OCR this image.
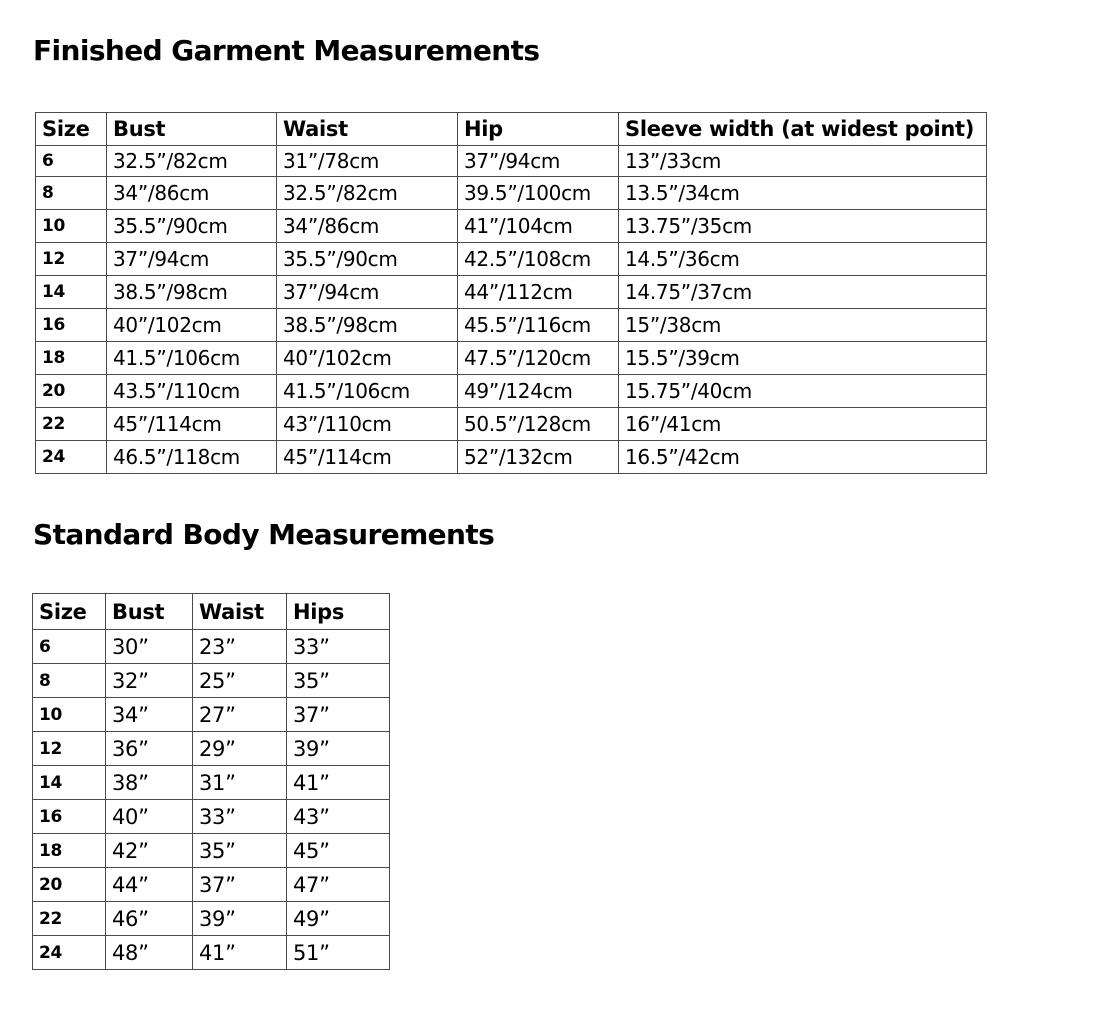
Finished Garment Measurements
Size	Bust	Waist	Hip	Sleeve width (at widest point)
6	32.5”/82cm	31”/78cm	37”/94cm	13”/33cm
8	34”/86cm	32.5”/82cm	39.5”/100cm	13.5”/34cm
10	35.5”/90cm	34”/86cm	41”/104cm	13.75”/35cm
12	37”/94cm	35.5”/90cm	42.5”/108cm	14.5”/36cm
14	38.5”/98cm	37”/94cm	44”/112cm	14.75”/37cm
16	40”/102cm	38.5”/98cm	45.5”/116cm	15”/38cm
18	41.5”/106cm	40”/102cm	47.5”/120cm	15.5”/39cm
20	43.5”/110cm	41.5”/106cm	49”/124cm	15.75”/40cm
22	45”/114cm	43”/110cm	50.5”/128cm	16”/41cm
24	46.5”/118cm	45”/114cm	52”/132cm	16.5”/42cm
Standard Body Measurements
Size	Bust	Waist	Hips
6	30”	23”	33”
8	32”	25”	35”
10	34”	27”	37”
12	36”	29”	39”
14	38”	31”	41”
16	40”	33”	43”
18	42”	35”	45”
20	44”	37”	47”
22	46”	39”	49”
24	48”	41”	51”
